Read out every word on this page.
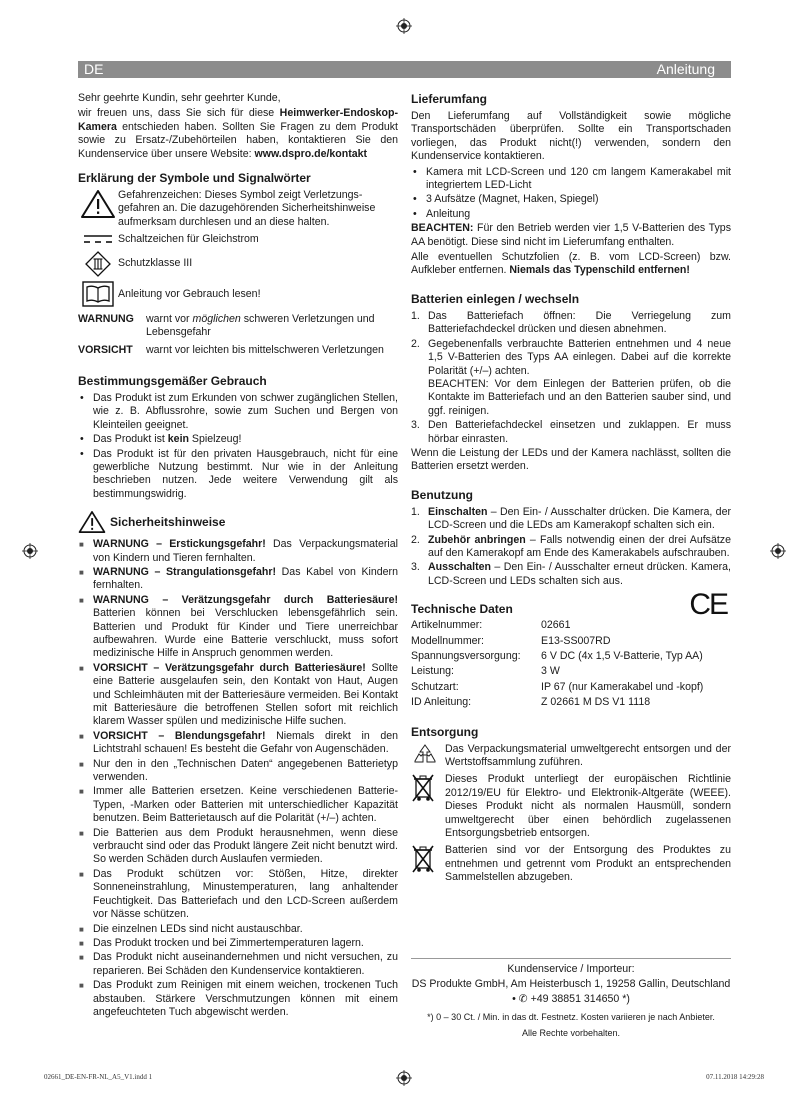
DE	Anleitung

Sehr geehrte Kundin, sehr geehrter Kunde,

wir freuen uns, dass Sie sich für diese Heimwerker-Endoskop-Kamera entschieden haben. Sollten Sie Fragen zu dem Produkt sowie zu Ersatz-/Zubehörteilen haben, kontaktieren Sie den Kundenservice über unsere Website: www.dspro.de/kontakt

Erklärung der Symbole und Signalwörter
Gefahrenzeichen: Dieses Symbol zeigt Verletzungs-gefahren an. Die dazugehörenden Sicherheitshinweise aufmerksam durchlesen und an diese halten.
Schaltzeichen für Gleichstrom
Schutzklasse III
Anleitung vor Gebrauch lesen!
WARNUNG	warnt vor möglichen schweren Verletzungen und Lebensgefahr
VORSICHT	warnt vor leichten bis mittelschweren Verletzungen
Bestimmungsgemäßer Gebrauch
• Das Produkt ist zum Erkunden von schwer zugänglichen Stellen, wie z. B. Abflussrohre, sowie zum Suchen und Bergen von Kleinteilen geeignet.
• Das Produkt ist kein Spielzeug!
• Das Produkt ist für den privaten Hausgebrauch, nicht für eine gewerbliche Nutzung bestimmt. Nur wie in der Anleitung beschrieben nutzen. Jede weitere Verwendung gilt als bestimmungswidrig.
Sicherheitshinweise
■ WARNUNG – Erstickungsgefahr! Das Verpackungsmaterial von Kindern und Tieren fernhalten.
■ WARNUNG – Strangulationsgefahr! Das Kabel von Kindern fernhalten.
■ WARNUNG – Verätzungsgefahr durch Batteriesäure! Batterien können bei Verschlucken lebensgefährlich sein. Batterien und Produkt für Kinder und Tiere unerreichbar aufbewahren. Wurde eine Batterie verschluckt, muss sofort medizinische Hilfe in Anspruch genommen werden.
■ VORSICHT – Verätzungsgefahr durch Batteriesäure! Sollte eine Batterie ausgelaufen sein, den Kontakt von Haut, Augen und Schleimhäuten mit der Batteriesäure vermeiden. Bei Kontakt mit Batteriesäure die betroffenen Stellen sofort mit reichlich klarem Wasser spülen und medizinische Hilfe suchen.
■ VORSICHT – Blendungsgefahr! Niemals direkt in den Lichtstrahl schauen! Es besteht die Gefahr von Augenschäden.
■ Nur den in den „Technischen Daten“ angegebenen Batterietyp verwenden.
■ Immer alle Batterien ersetzen. Keine verschiedenen Batterie-Typen, -Marken oder Batterien mit unterschiedlicher Kapazität benutzen. Beim Batterietausch auf die Polarität (+/–) achten.
■ Die Batterien aus dem Produkt herausnehmen, wenn diese verbraucht sind oder das Produkt längere Zeit nicht benutzt wird. So werden Schäden durch Auslaufen vermieden.
■ Das Produkt schützen vor: Stößen, Hitze, direkter Sonneneinstrahlung, Minustemperaturen, lang anhaltender Feuchtigkeit. Das Batteriefach und den LCD-Screen außerdem vor Nässe schützen.
■ Die einzelnen LEDs sind nicht austauschbar.
■ Das Produkt trocken und bei Zimmertemperaturen lagern.
■ Das Produkt nicht auseinandernehmen und nicht versuchen, zu reparieren. Bei Schäden den Kundenservice kontaktieren.
■ Das Produkt zum Reinigen mit einem weichen, trockenen Tuch abstauben. Stärkere Verschmutzungen können mit einem angefeuchteten Tuch abgewischt werden.
Lieferumfang

Den Lieferumfang auf Vollständigkeit sowie mögliche Transportschäden überprüfen. Sollte ein Transportschaden vorliegen, das Produkt nicht(!) verwenden, sondern den Kundenservice kontaktieren.

• Kamera mit LCD-Screen und 120 cm langem Kamerakabel mit integriertem LED-Licht
• 3 Aufsätze (Magnet, Haken, Spiegel)
• Anleitung

BEACHTEN: Für den Betrieb werden vier 1,5 V-Batterien des Typs AA benötigt. Diese sind nicht im Lieferumfang enthalten.

Alle eventuellen Schutzfolien (z. B. vom LCD-Screen) bzw. Aufkleber entfernen. Niemals das Typenschild entfernen!

Batterien einlegen / wechseln
1. Das Batteriefach öffnen: Die Verriegelung zum Batteriefachdeckel drücken und diesen abnehmen.
2. Gegebenenfalls verbrauchte Batterien entnehmen und 4 neue 1,5 V-Batterien des Typs AA einlegen. Dabei auf die korrekte Polarität (+/–) achten.
BEACHTEN: Vor dem Einlegen der Batterien prüfen, ob die Kontakte im Batteriefach und an den Batterien sauber sind, und ggf. reinigen.
3. Den Batteriefachdeckel einsetzen und zuklappen. Er muss hörbar einrasten.

Wenn die Leistung der LEDs und der Kamera nachlässt, sollten die Batterien ersetzt werden.

Benutzung
1. Einschalten – Den Ein- / Ausschalter drücken. Die Kamera, der LCD-Screen und die LEDs am Kamerakopf schalten sich ein.
2. Zubehör anbringen – Falls notwendig einen der drei Aufsätze auf den Kamerakopf am Ende des Kamerakabels aufschrauben.
3. Ausschalten – Den Ein- / Ausschalter erneut drücken. Kamera, LCD-Screen und LEDs schalten sich aus.
Technische Daten	CE
Artikelnummer:	02661
Modellnummer:	E13-SS007RD
Spannungsversorgung:	6 V DC (4x 1,5 V-Batterie, Typ AA)
Leistung:	3 W
Schutzart:	IP 67 (nur Kamerakabel und -kopf)
ID Anleitung:	Z 02661 M DS V1 1118
Entsorgung
Das Verpackungsmaterial umweltgerecht entsorgen und der Wertstoffsammlung zuführen.
Dieses Produkt unterliegt der europäischen Richtlinie 2012/19/EU für Elektro- und Elektronik-Altgeräte (WEEE). Dieses Produkt nicht als normalen Hausmüll, sondern umweltgerecht über einen behördlich zugelassenen Entsorgungsbetrieb entsorgen.
Batterien sind vor der Entsorgung des Produktes zu entnehmen und getrennt vom Produkt an entsprechenden Sammelstellen abzugeben.
Kundenservice / Importeur:
DS Produkte GmbH, Am Heisterbusch 1, 19258 Gallin, Deutschland • ✆ +49 38851 314650 *)
*) 0 – 30 Ct. / Min. in das dt. Festnetz. Kosten variieren je nach Anbieter.
Alle Rechte vorbehalten.
02661_DE-EN-FR-NL_A5_V1.indd 1	07.11.2018 14:29:28
